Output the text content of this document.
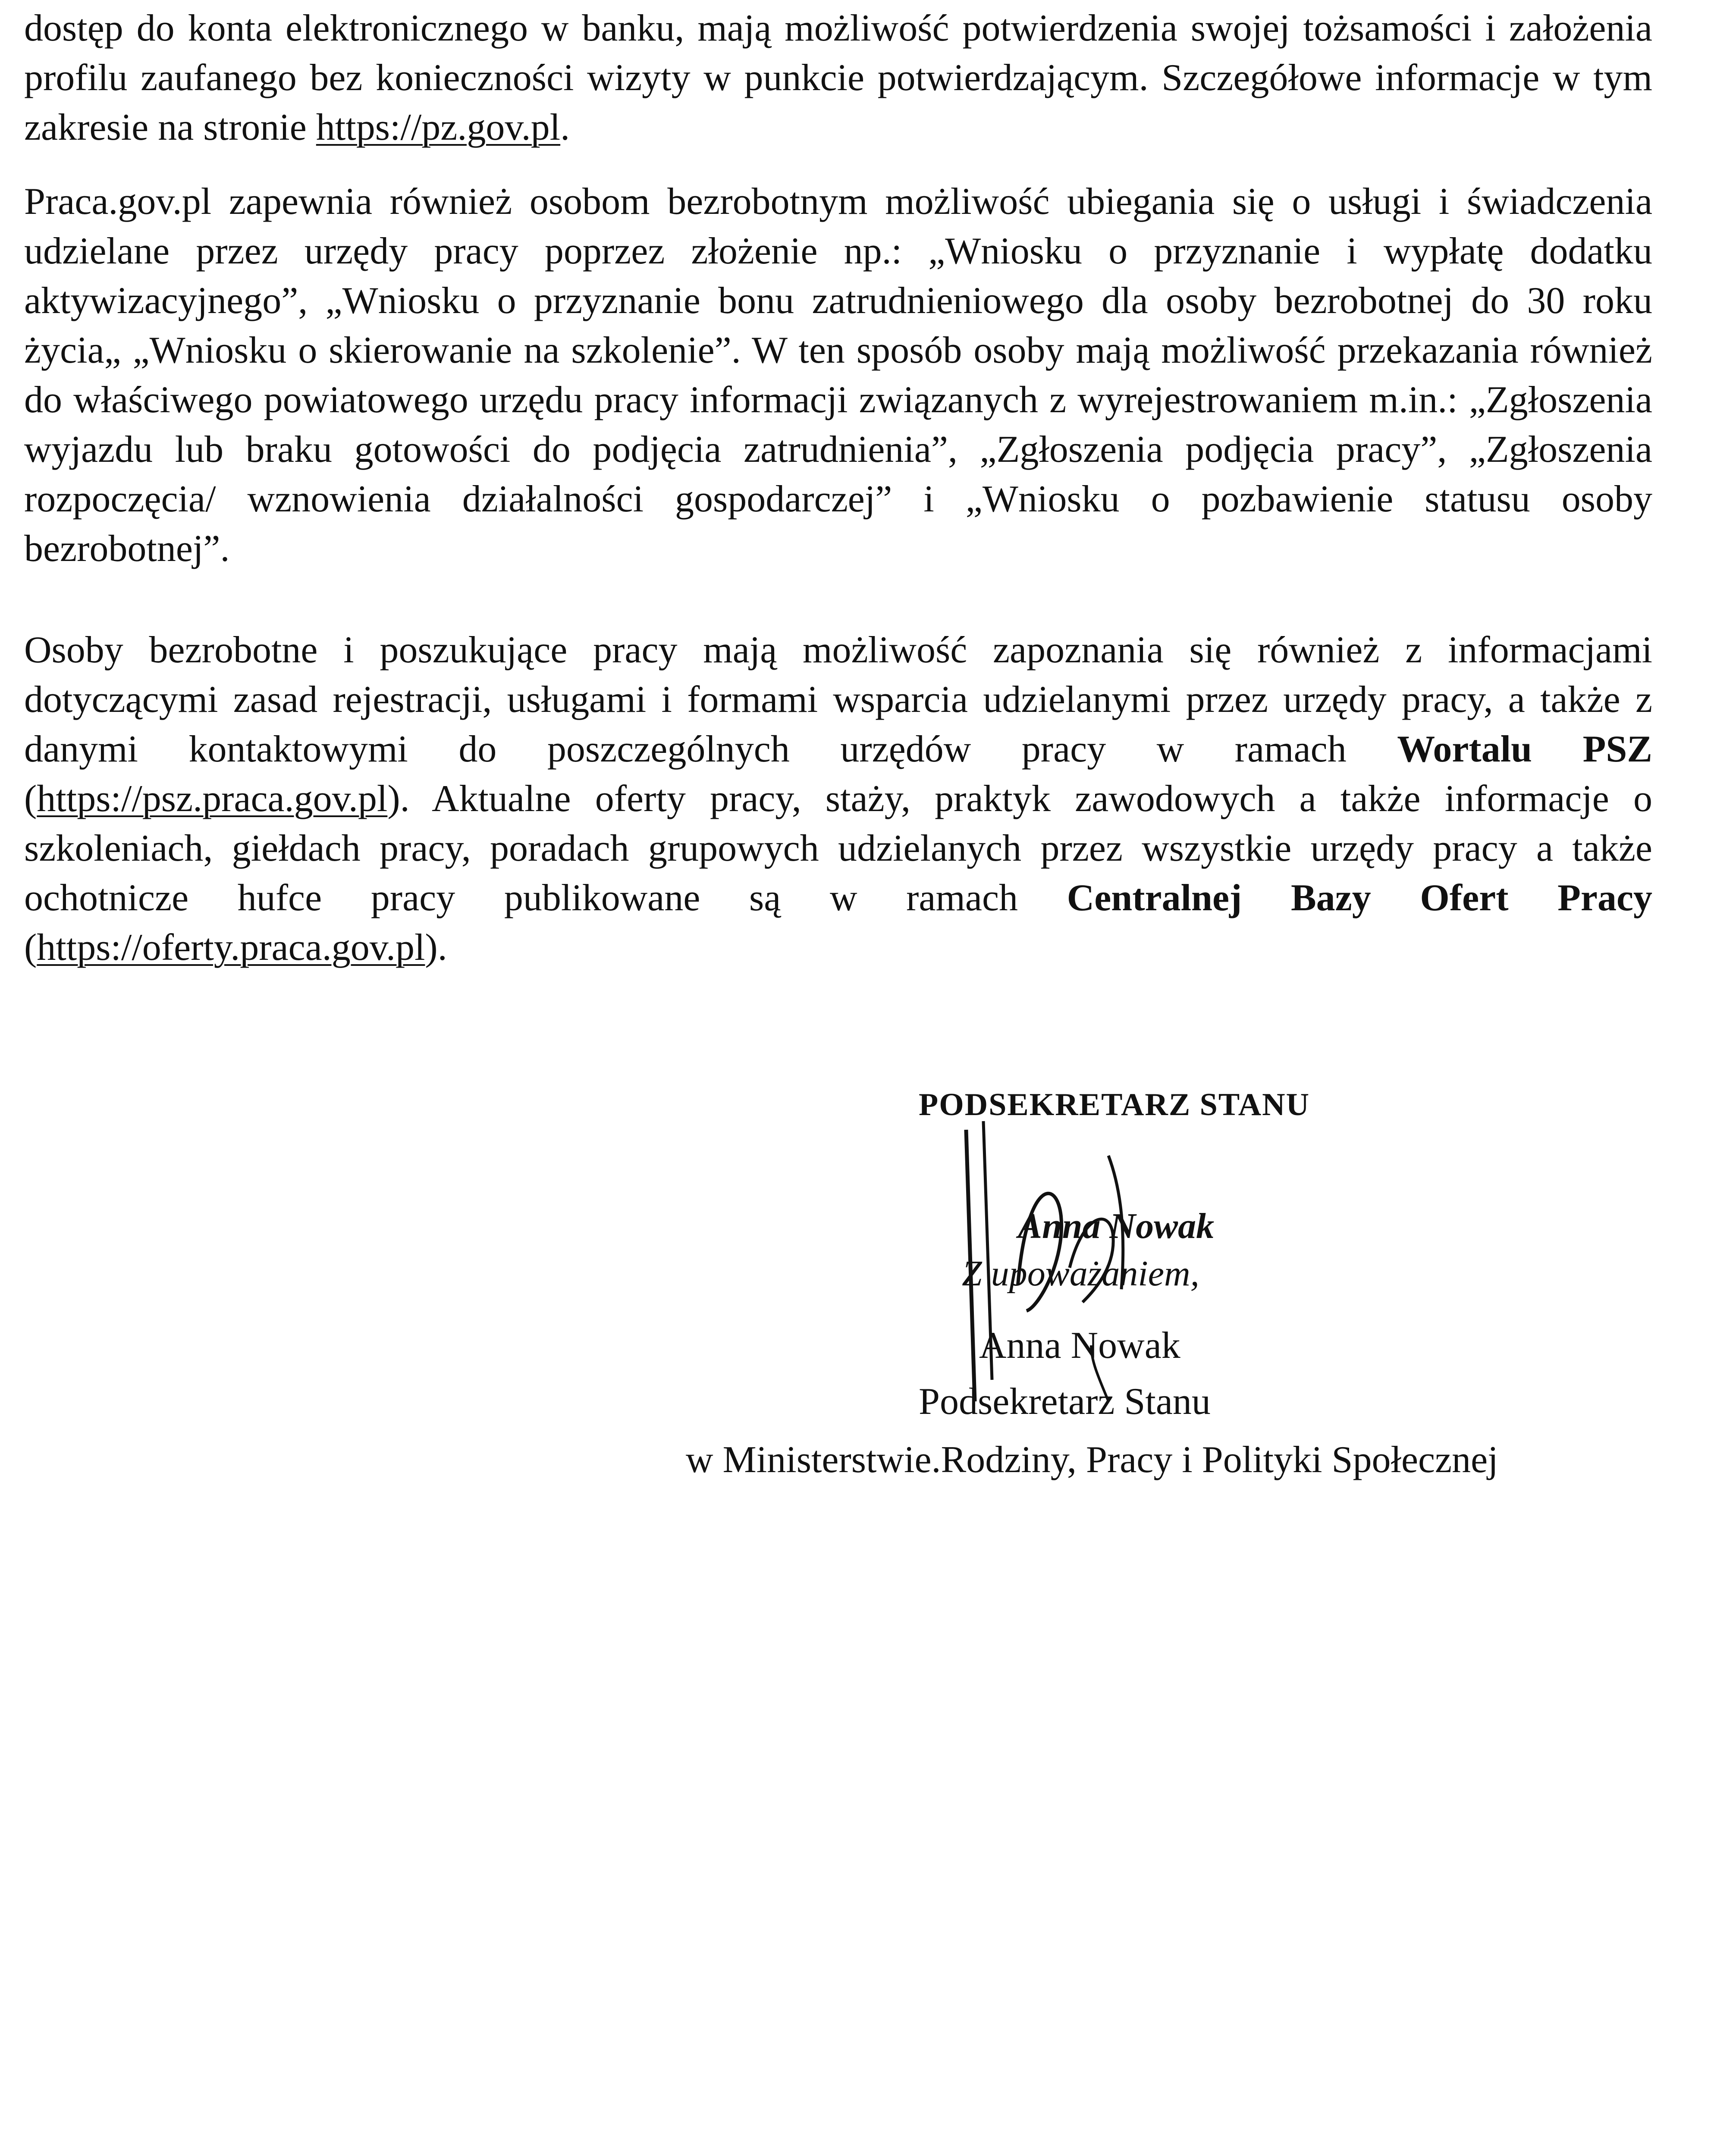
dostęp do konta elektronicznego w banku, mają możliwość potwierdzenia swojej tożsamości i założenia profilu zaufanego bez konieczności wizyty w punkcie potwierdzającym. Szczegółowe informacje w tym zakresie na stronie https://pz.gov.pl.

Praca.gov.pl zapewnia również osobom bezrobotnym możliwość ubiegania się o usługi i świadczenia udzielane przez urzędy pracy poprzez złożenie np.: „Wniosku o przyznanie i wypłatę dodatku aktywizacyjnego”, „Wniosku o przyznanie bonu zatrudnieniowego dla osoby bezrobotnej do 30 roku życia„ „Wniosku o skierowanie na szkolenie”. W ten sposób osoby mają możliwość przekazania również do właściwego powiatowego urzędu pracy informacji związanych z wyrejestrowaniem m.in.: „Zgłoszenia wyjazdu lub braku gotowości do podjęcia zatrudnienia”, „Zgłoszenia podjęcia pracy”, „Zgłoszenia rozpoczęcia/ wznowienia działalności gospodarczej” i „Wniosku o pozbawienie statusu osoby bezrobotnej”.

Osoby bezrobotne i poszukujące pracy mają możliwość zapoznania się również z informacjami dotyczącymi zasad rejestracji, usługami i formami wsparcia udzielanymi przez urzędy pracy, a także z danymi kontaktowymi do poszczególnych urzędów pracy w ramach Wortalu PSZ (https://psz.praca.gov.pl). Aktualne oferty pracy, staży, praktyk zawodowych a także informacje o szkoleniach, giełdach pracy, poradach grupowych udzielanych przez wszystkie urzędy pracy a także ochotnicze hufce pracy publikowane są w ramach Centralnej Bazy Ofert Pracy (https://oferty.praca.gov.pl).

PODSEKRETARZ STANU
Anna Nowak
Z upoważaniem,
Anna Nowak
Podsekretarz Stanu
w Ministerstwie.Rodziny, Pracy i Polityki Społecznej
